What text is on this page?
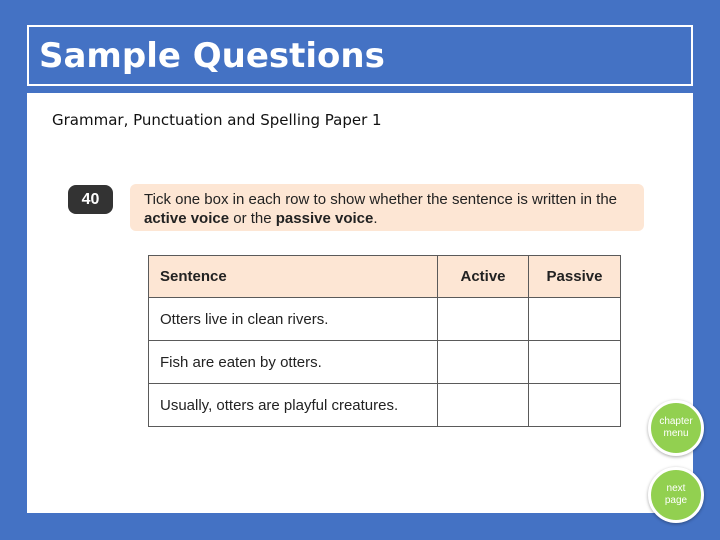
Sample Questions
Grammar, Punctuation and Spelling Paper 1
40	Tick one box in each row to show whether the sentence is written in the active voice or the passive voice.
Sentence	Active	Passive
Otters live in clean rivers.		
Fish are eaten by otters.		
Usually, otters are playful creatures.		
chapter menu
next page
